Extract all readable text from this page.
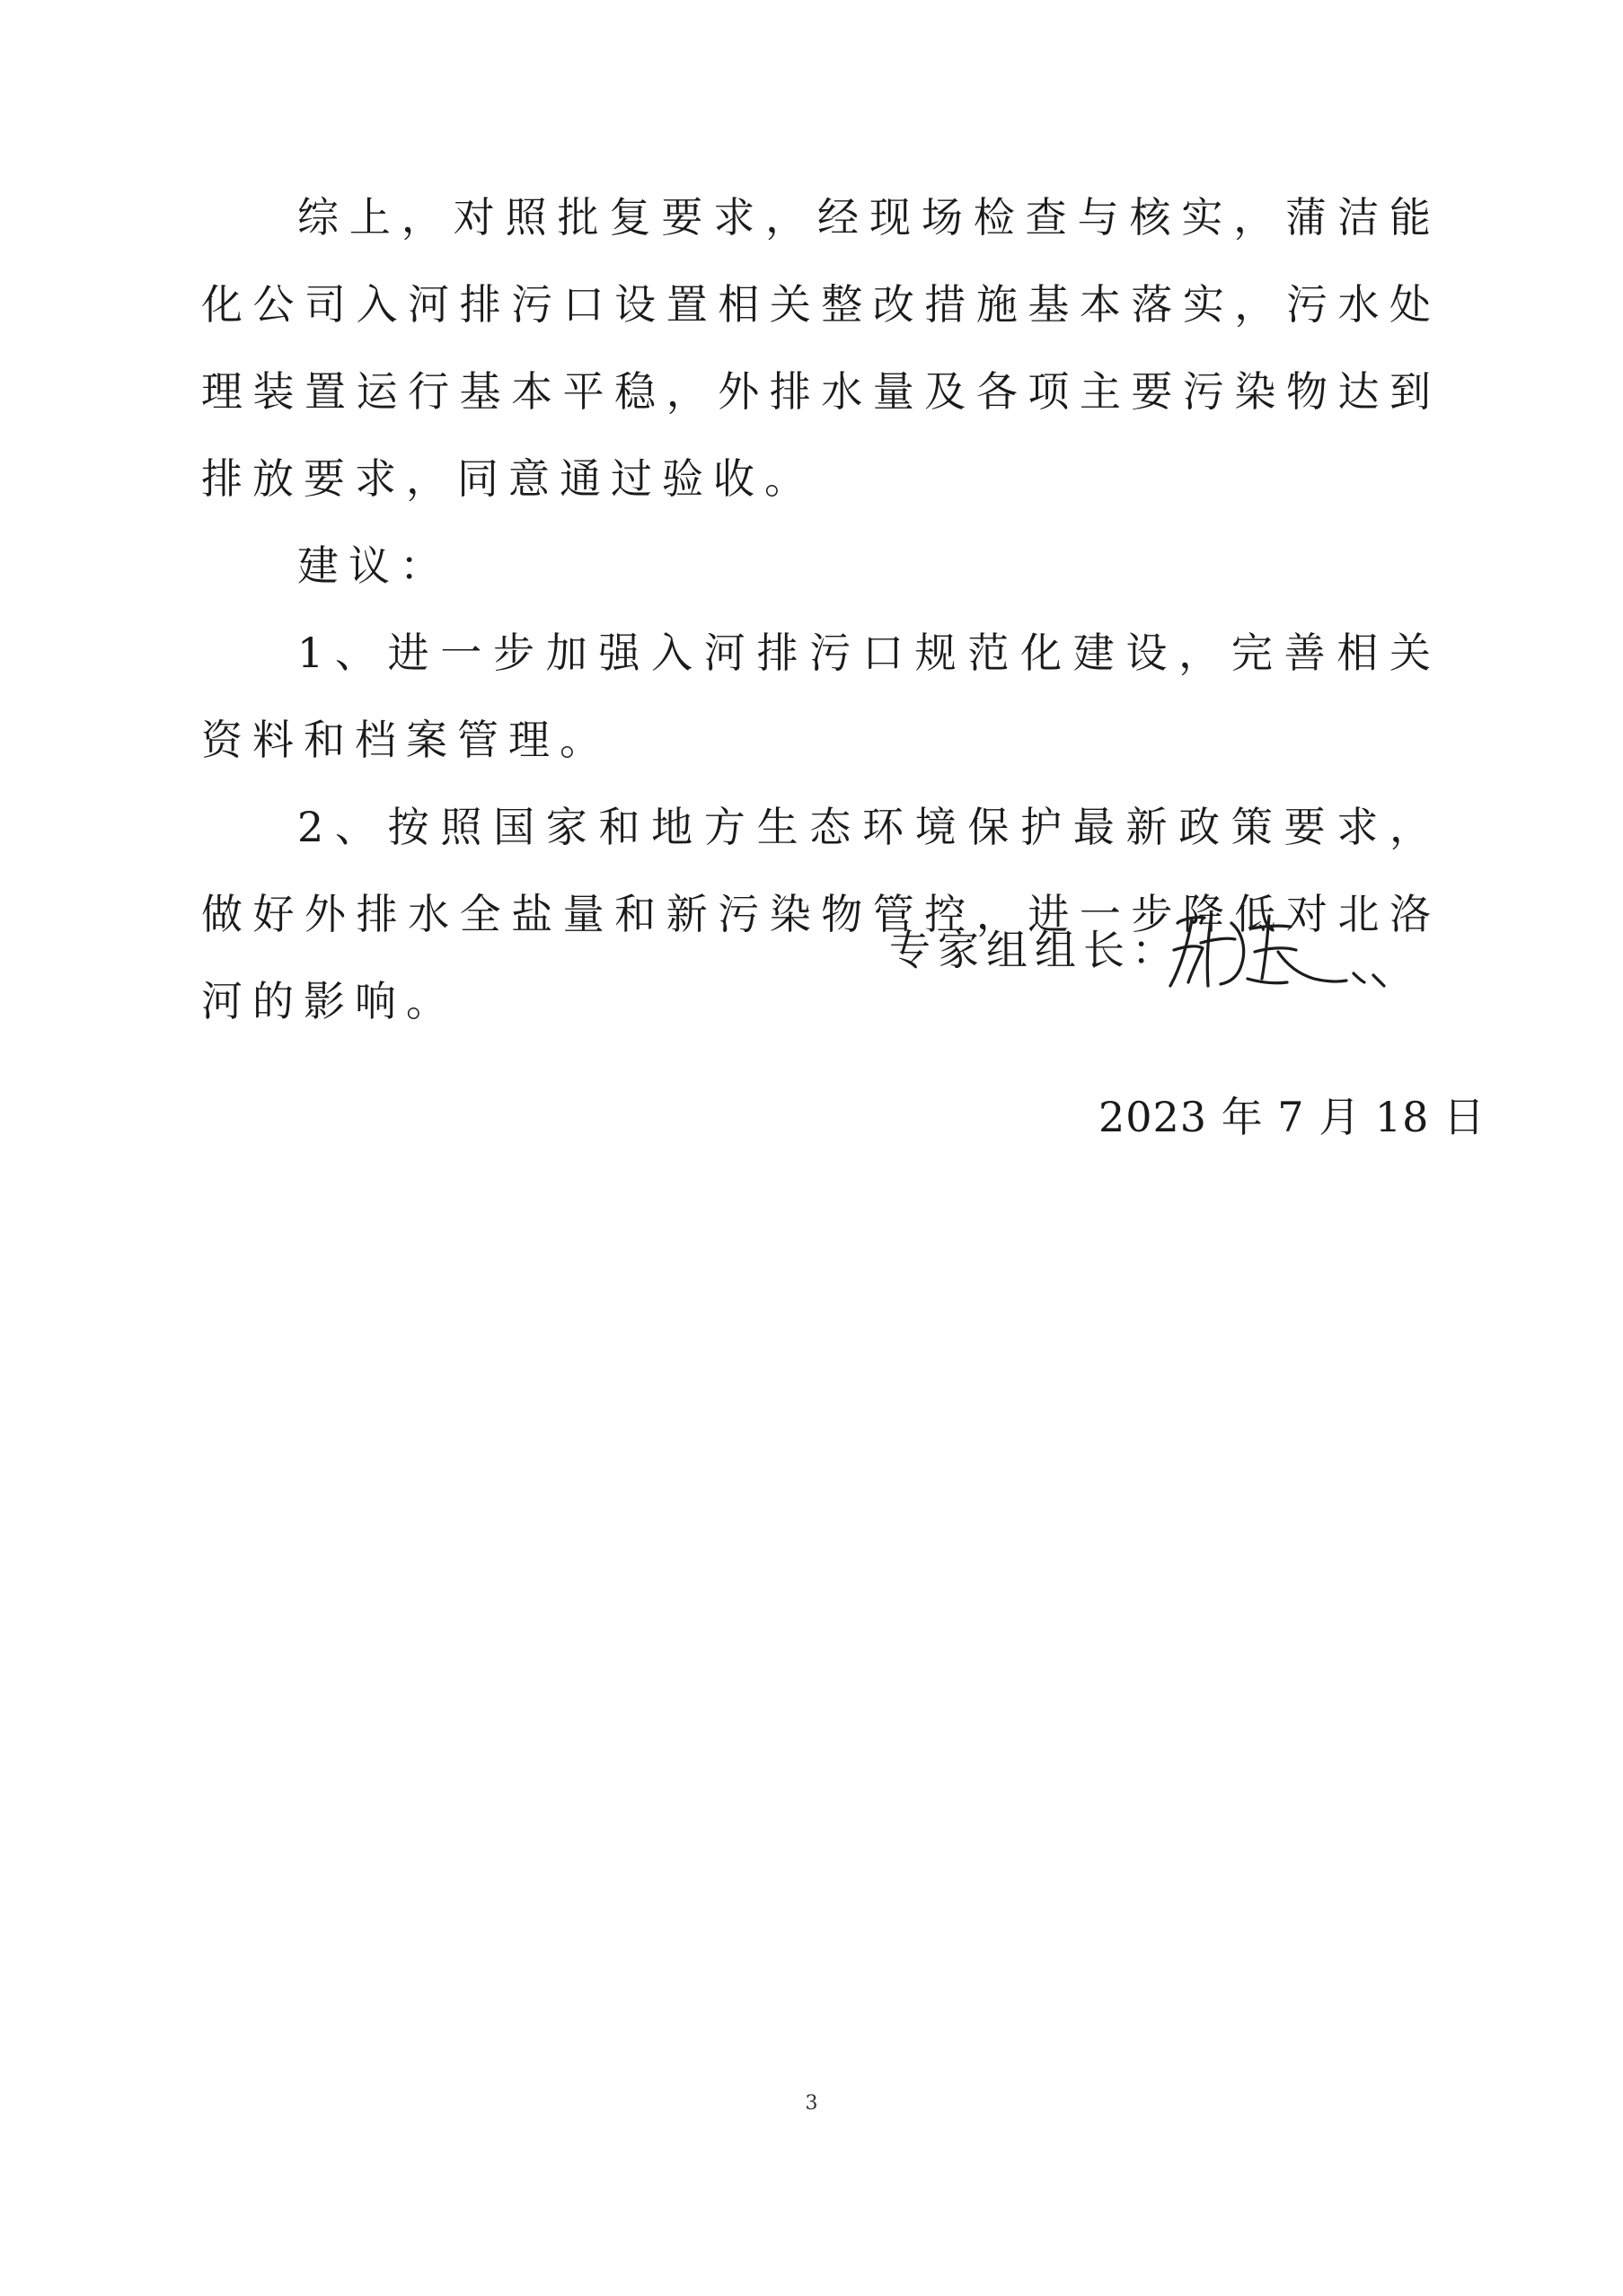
综上，对照批复要求，经现场检查与核实，蒲洁能化公司入河排污口设置相关整改措施基本落实，污水处理装置运行基本平稳，外排水量及各项主要污染物达到排放要求，同意通过验收。

建议：

1、进一步加强入河排污口规范化建设，完善相关资料和档案管理。

2、按照国家和地方生态环境保护最新政策要求，做好外排水全盐量和新污染物管控，进一步降低对北洛河的影响。

专家组组长：
2023 年 7 月 18 日
3
